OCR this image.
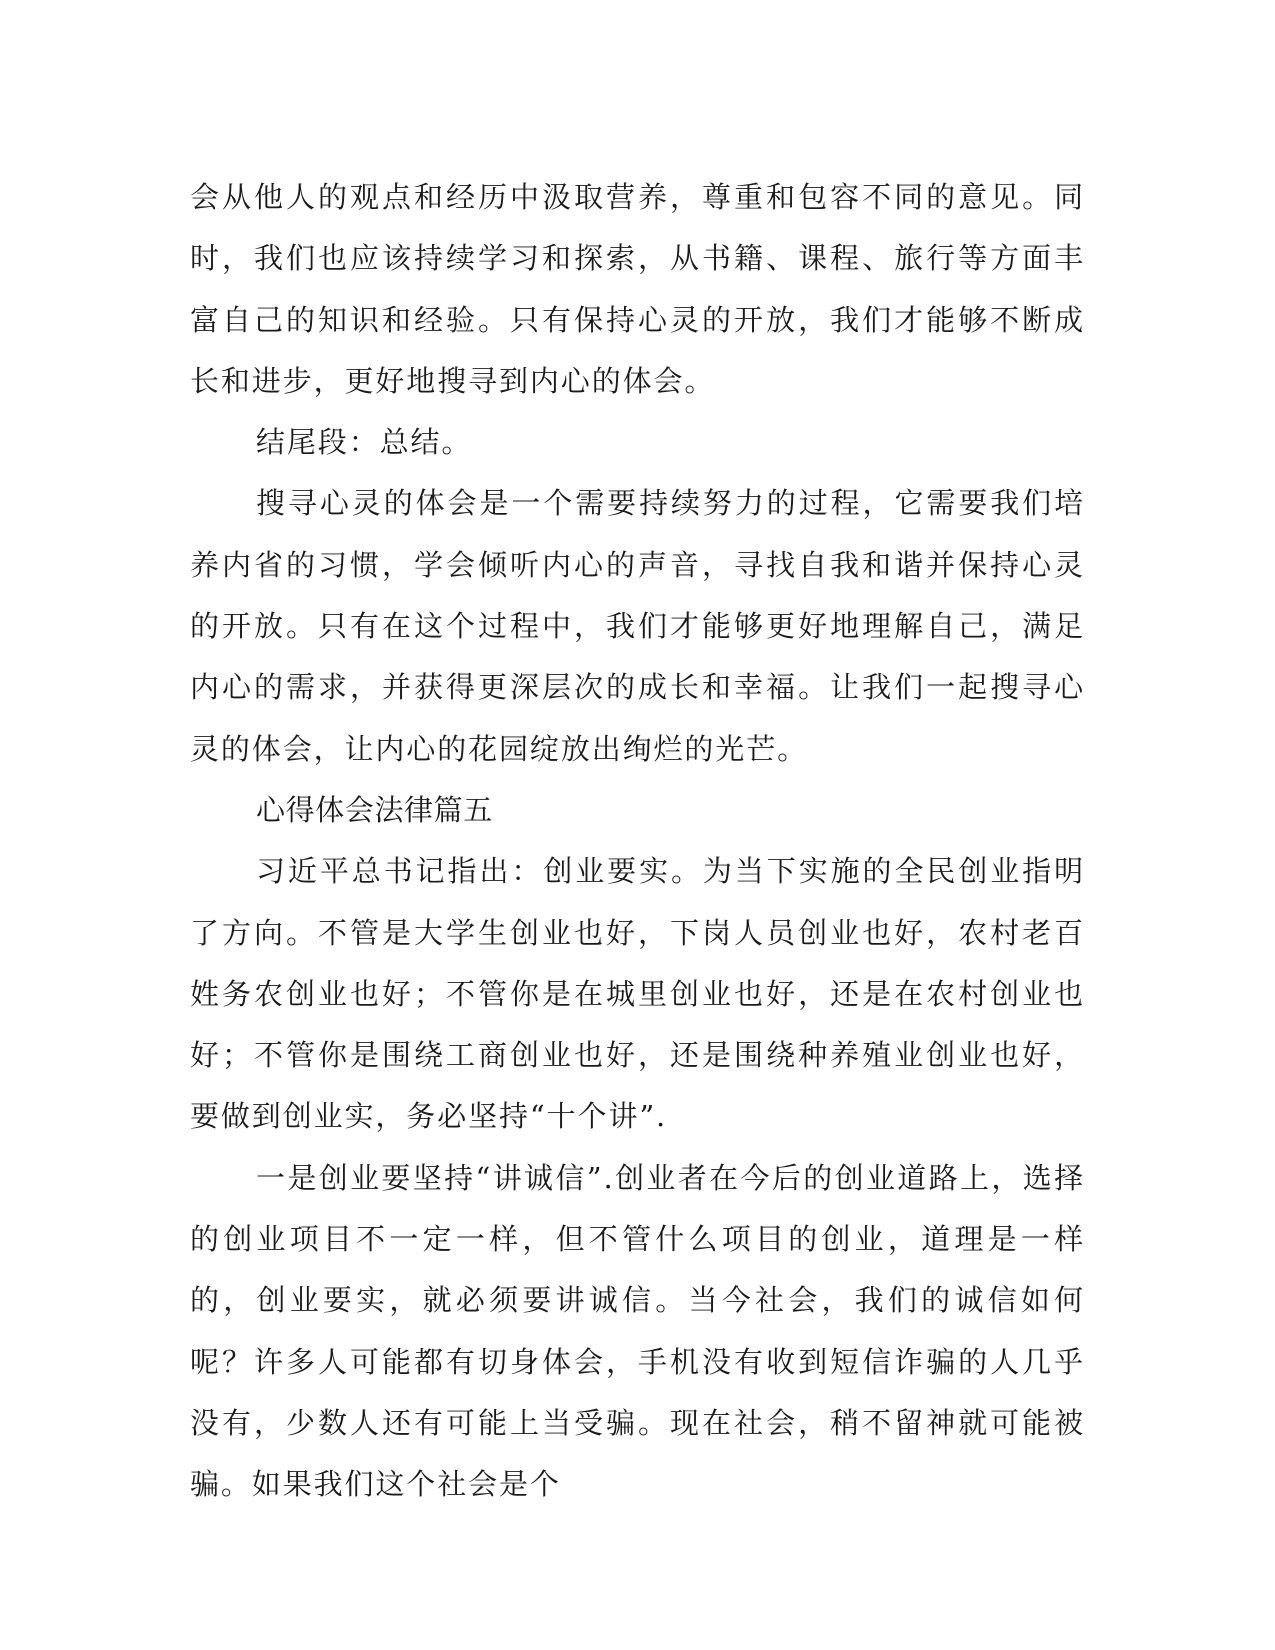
会从他人的观点和经历中汲取营养，尊重和包容不同的意见。同时，我们也应该持续学习和探索，从书籍、课程、旅行等方面丰富自己的知识和经验。只有保持心灵的开放，我们才能够不断成长和进步，更好地搜寻到内心的体会。

结尾段：总结。

搜寻心灵的体会是一个需要持续努力的过程，它需要我们培养内省的习惯，学会倾听内心的声音，寻找自我和谐并保持心灵的开放。只有在这个过程中，我们才能够更好地理解自己，满足内心的需求，并获得更深层次的成长和幸福。让我们一起搜寻心灵的体会，让内心的花园绽放出绚烂的光芒。

心得体会法律篇五

习近平总书记指出：创业要实。为当下实施的全民创业指明了方向。不管是大学生创业也好，下岗人员创业也好，农村老百姓务农创业也好；不管你是在城里创业也好，还是在农村创业也好；不管你是围绕工商创业也好，还是围绕种养殖业创业也好，要做到创业实，务必坚持“十个讲”.

一是创业要坚持“讲诚信”.创业者在今后的创业道路上，选择的创业项目不一定一样，但不管什么项目的创业，道理是一样的，创业要实，就必须要讲诚信。当今社会，我们的诚信如何呢？许多人可能都有切身体会，手机没有收到短信诈骗的人几乎没有，少数人还有可能上当受骗。现在社会，稍不留神就可能被骗。如果我们这个社会是个
